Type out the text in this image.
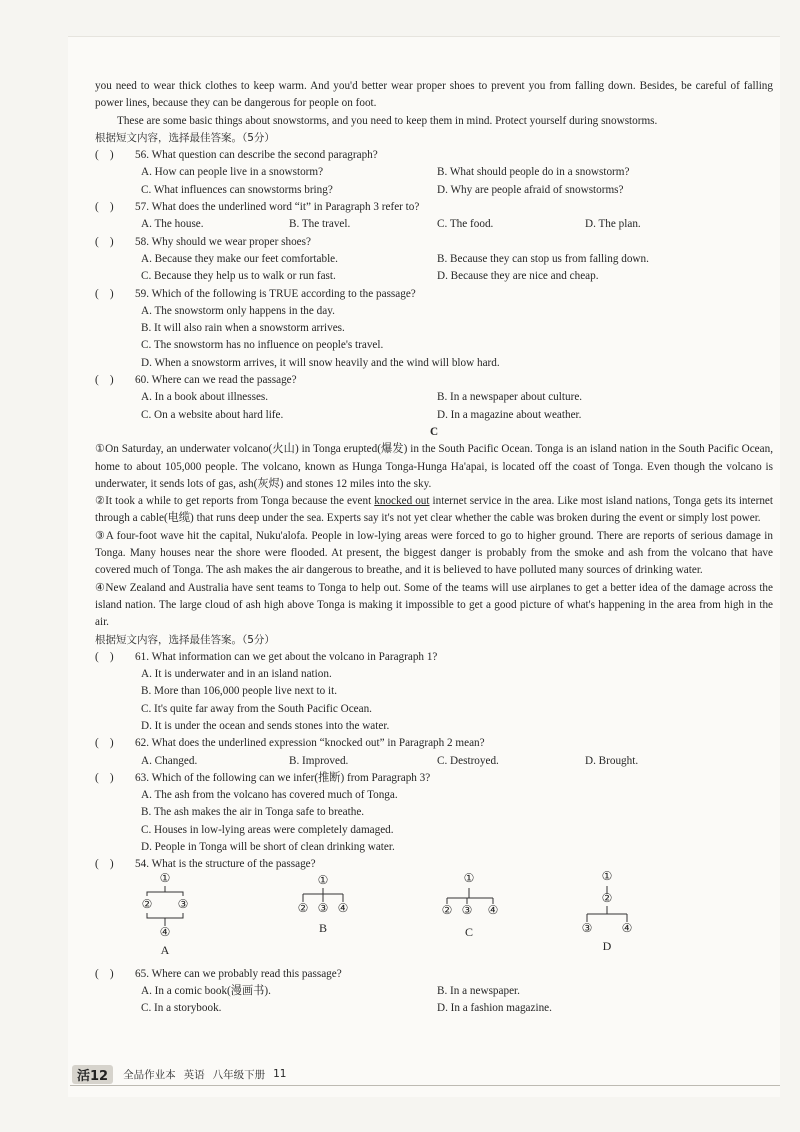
you need to wear thick clothes to keep warm. And you'd better wear proper shoes to prevent you from falling down. Besides, be careful of falling power lines, because they can be dangerous for people on foot.

These are some basic things about snowstorms, and you need to keep them in mind. Protect yourself during snowstorms.

根据短文内容，选择最佳答案。（5分）

(    )	56. What question can describe the second paragraph?
A. How can people live in a snowstorm?	B. What should people do in a snowstorm?
C. What influences can snowstorms bring?	D. Why are people afraid of snowstorms?
(    )	57. What does the underlined word “it” in Paragraph 3 refer to?
A. The house.	B. The travel.	C. The food.	D. The plan.
(    )	58. Why should we wear proper shoes?
A. Because they make our feet comfortable.	B. Because they can stop us from falling down.
C. Because they help us to walk or run fast.	D. Because they are nice and cheap.
(    )	59. Which of the following is TRUE according to the passage?
A. The snowstorm only happens in the day.
B. It will also rain when a snowstorm arrives.
C. The snowstorm has no influence on people's travel.
D. When a snowstorm arrives, it will snow heavily and the wind will blow hard.
(    )	60. Where can we read the passage?
A. In a book about illnesses.	B. In a newspaper about culture.
C. On a website about hard life.	D. In a magazine about weather.

C

①On Saturday, an underwater volcano(火山) in Tonga erupted(爆发) in the South Pacific Ocean. Tonga is an island nation in the South Pacific Ocean, home to about 105,000 people. The volcano, known as Hunga Tonga-Hunga Ha'apai, is located off the coast of Tonga. Even though the volcano is underwater, it sends lots of gas, ash(灰烬) and stones 12 miles into the sky.

②It took a while to get reports from Tonga because the event knocked out internet service in the area. Like most island nations, Tonga gets its internet through a cable(电缆) that runs deep under the sea. Experts say it's not yet clear whether the cable was broken during the event or simply lost power.

③A four-foot wave hit the capital, Nuku'alofa. People in low-lying areas were forced to go to higher ground. There are reports of serious damage in Tonga. Many houses near the shore were flooded. At present, the biggest danger is probably from the smoke and ash from the volcano that have covered much of Tonga. The ash makes the air dangerous to breathe, and it is believed to have polluted many sources of drinking water.

④New Zealand and Australia have sent teams to Tonga to help out. Some of the teams will use airplanes to get a better idea of the damage across the island nation. The large cloud of ash high above Tonga is making it impossible to get a good picture of what's happening in the area from high in the air.

根据短文内容，选择最佳答案。（5分）

(    )	61. What information can we get about the volcano in Paragraph 1?
A. It is underwater and in an island nation.
B. More than 106,000 people live next to it.
C. It's quite far away from the South Pacific Ocean.
D. It is under the ocean and sends stones into the water.
(    )	62. What does the underlined expression “knocked out” in Paragraph 2 mean?
A. Changed.	B. Improved.	C. Destroyed.	D. Brought.
(    )	63. Which of the following can we infer(推断) from Paragraph 3?
A. The ash from the volcano has covered much of Tonga.
B. The ash makes the air in Tonga safe to breathe.
C. Houses in low-lying areas were completely damaged.
D. People in Tonga will be short of clean drinking water.
(    )	54. What is the structure of the passage?
①
②	③
④
A
①
② ③ ④
B
①
② ③	④
C
①
②
③	④
D
(    )	65. Where can we probably read this passage?
A. In a comic book(漫画书).	B. In a newspaper.
C. In a storybook.	D. In a fashion magazine.
活12	全品作业本 英语 八年级下册 11
